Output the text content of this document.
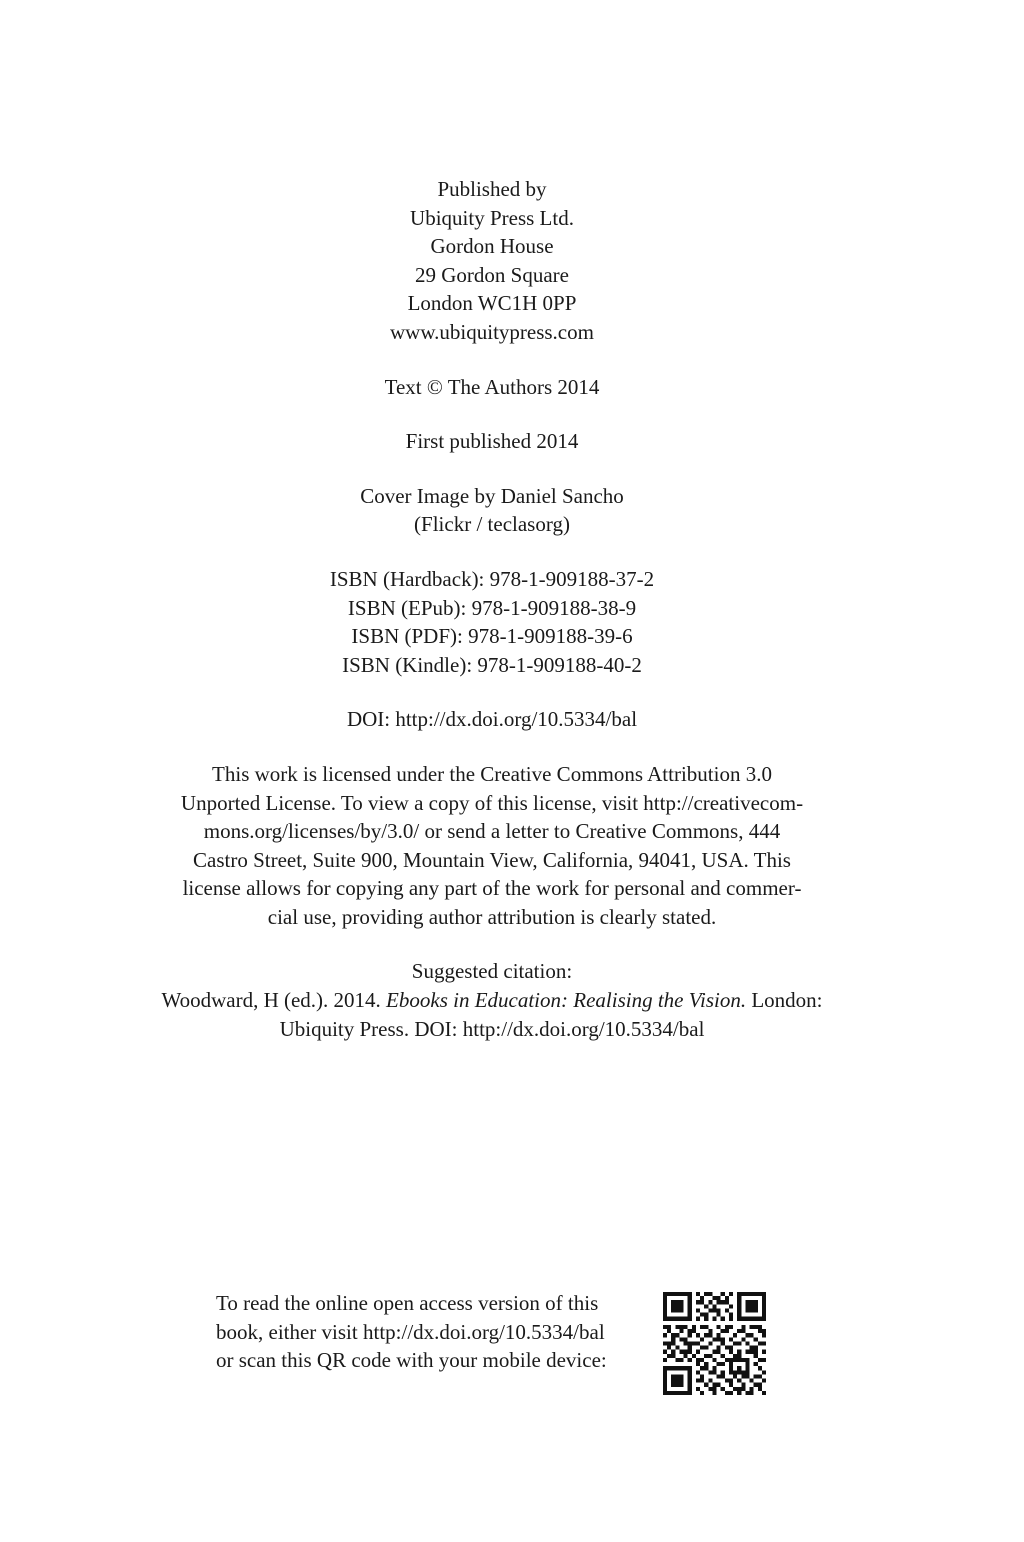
Published by
Ubiquity Press Ltd.
Gordon House
29 Gordon Square
London WC1H 0PP
www.ubiquitypress.com
Text © The Authors 2014
First published 2014
Cover Image by Daniel Sancho
(Flickr / teclasorg)
ISBN (Hardback): 978-1-909188-37-2
ISBN (EPub): 978-1-909188-38-9
ISBN (PDF): 978-1-909188-39-6
ISBN (Kindle): 978-1-909188-40-2
DOI: http://dx.doi.org/10.5334/bal
This work is licensed under the Creative Commons Attribution 3.0
Unported License. To view a copy of this license, visit http://creativecom-
mons.org/licenses/by/3.0/ or send a letter to Creative Commons, 444
Castro Street, Suite 900, Mountain View, California, 94041, USA. This
license allows for copying any part of the work for personal and commer-
cial use, providing author attribution is clearly stated.
Suggested citation:
Woodward, H (ed.). 2014. Ebooks in Education: Realising the Vision. London:
Ubiquity Press. DOI: http://dx.doi.org/10.5334/bal
To read the online open access version of this
book, either visit http://dx.doi.org/10.5334/bal
or scan this QR code with your mobile device:
